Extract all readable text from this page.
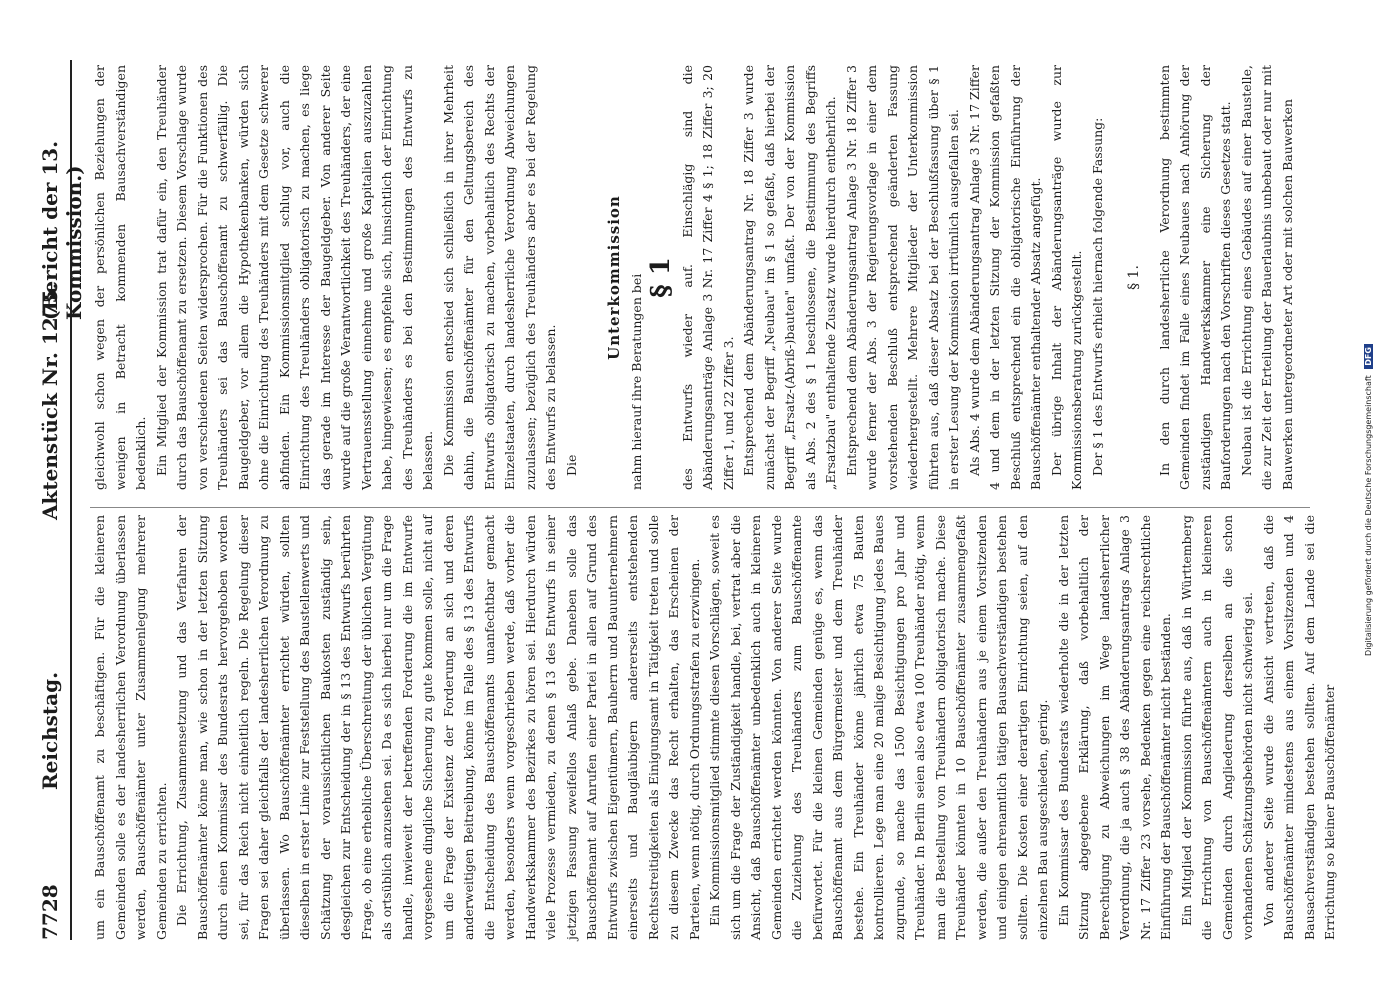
7728
Reichstag.
Aktenstück Nr. 1275.
(Bericht der 13. Kommission.)

um ein Bauschöffenamt zu beschäftigen. Für die kleineren Gemeinden solle es der landesherrlichen Verordnung überlassen werden, Bauschöffenämter unter Zusammenlegung mehrerer Gemeinden zu errichten. Die Errichtung, Zusammensetzung und das Verfahren der Bauschöffenämter könne man, wie schon in der letzten Sitzung durch einen Kommissar des Bundesrats hervorgehoben worden sei, für das Reich nicht einheitlich regeln. Die Regelung dieser Fragen sei daher gleichfalls der landesherrlichen Verordnung zu überlassen. Wo Bauschöffenämter errichtet würden, sollten dieselben in erster Linie zur Feststellung des Baustellenwerts und Schätzung der voraussichtlichen Baukosten zuständig sein, desgleichen zur Entscheidung der in § 13 des Entwurfs berührten Frage, ob eine erhebliche Überschreitung der üblichen Vergütung als ortsüblich anzusehen sei. Da es sich hierbei nur um die Frage handle, inwieweit der betreffenden Forderung die im Entwurfe vorgesehene dingliche Sicherung zu gute kommen solle, nicht auf um die Frage der Existenz der Forderung an sich und deren anderweitigen Beitreibung, könne im Falle des § 13 des Entwurfs die Entscheidung des Bauschöffenamts unanfechtbar gemacht werden, besonders wenn vorgeschrieben werde, daß vorher die Handwerkskammer des Bezirkes zu hören sei. Hierdurch würden viele Prozesse vermieden, zu denen § 13 des Entwurfs in seiner jetzigen Fassung zweifellos Anlaß gebe. Daneben solle das Bauschöffenamt auf Anrufen einer Partei in allen auf Grund des Entwurfs zwischen Eigentümern, Bauherrn und Bauunternehmern einerseits und Baugläubigern andererseits entstehenden Rechtsstreitigkeiten als Einigungsamt in Tätigkeit treten und solle zu diesem Zwecke das Recht erhalten, das Erscheinen der Parteien, wenn nötig, durch Ordnungsstrafen zu erzwingen. Ein Kommissionsmitglied stimmte diesen Vorschlägen, soweit es sich um die Frage der Zuständigkeit handle, bei, vertrat aber die Ansicht, daß Bauschöffenämter unbedenklich auch in kleineren Gemeinden errichtet werden könnten. Von anderer Seite wurde die Zuziehung des Treuhänders zum Bauschöffenamte befürwortet. Für die kleinen Gemeinden genüge es, wenn das Bauschöffenamt aus dem Bürgermeister und dem Treuhänder bestehe. Ein Treuhänder könne jährlich etwa 75 Bauten kontrollieren. Lege man eine 20 malige Besichtigung jedes Baues zugrunde, so mache das 1500 Besichtigungen pro Jahr und Treuhänder. In Berlin seien also etwa 100 Treuhänder nötig, wenn man die Bestellung von Treuhändern obligatorisch mache. Diese Treuhänder könnten in 10 Bauschöffenämter zusammengefaßt werden, die außer den Treuhändern aus je einem Vorsitzenden und einigen ehrenamtlich tätigen Bausachverständigen bestehen sollten. Die Kosten einer derartigen Einrichtung seien, auf den einzelnen Bau ausgeschieden, gering. Ein Kommissar des Bundesrats wiederholte die in der letzten Sitzung abgegebene Erklärung, daß vorbehaltlich der Berechtigung zu Abweichungen im Wege landesherrlicher Verordnung, die ja auch § 38 des Abänderungsantrags Anlage 3 Nr. 17 Ziffer 23 vorsehe, Bedenken gegen eine reichsrechtliche Einführung der Bauschöffenämter nicht beständen. Ein Mitglied der Kommission führte aus, daß in Württemberg die Errichtung von Bauschöffenämtern auch in kleineren Gemeinden durch Angliederung derselben an die schon vorhandenen Schätzungsbehörden nicht schwierig sei. Von anderer Seite wurde die Ansicht vertreten, daß die Bauschöffenämter mindestens aus einem Vorsitzenden und 4 Bausachverständigen bestehen sollten. Auf dem Lande sei die Errichtung so kleiner Bauschöffenämter

gleichwohl schon wegen der persönlichen Beziehungen der wenigen in Betracht kommenden Bausachverständigen bedenklich. Ein Mitglied der Kommission trat dafür ein, den Treuhänder durch das Bauschöffenamt zu ersetzen. Diesem Vorschlage wurde von verschiedenen Seiten widersprochen. Für die Funktionen des Treuhänders sei das Bauschöffenamt zu schwerfällig. Die Baugeldgeber, vor allem die Hypothekenbanken, würden sich ohne die Einrichtung des Treuhänders mit dem Gesetze schwerer abfinden. Ein Kommissionsmitglied schlug vor, auch die Einrichtung des Treuhänders obligatorisch zu machen, es liege das gerade im Interesse der Baugeldgeber. Von anderer Seite wurde auf die große Verantwortlichkeit des Treuhänders, der eine Vertrauensstellung einnehme und große Kapitalien auszuzahlen habe, hingewiesen; es empfehle sich, hinsichtlich der Einrichtung des Treuhänders es bei den Bestimmungen des Entwurfs zu belassen. Die Kommission entschied sich schließlich in ihrer Mehrheit dahin, die Bauschöffenämter für den Geltungsbereich des Entwurfs obligatorisch zu machen, vorbehaltlich des Rechts der Einzelstaaten, durch landesherrliche Verordnung Abweichungen zuzulassen; bezüglich des Treuhänders aber es bei der Regelung des Entwurfs zu belassen. Die

Unterkommission nahm hierauf ihre Beratungen bei § 1 des Entwurfs wieder auf. Einschlägig sind die Abänderungsanträge Anlage 3 Nr. 17 Ziffer 4 § 1; 18 Ziffer 3; 20 Ziffer 1, und 22 Ziffer 3. Entsprechend dem Abänderungsantrag Nr. 18 Ziffer 3 wurde zunächst der Begriff „Neubau" im § 1 so gefaßt, daß hierbei der Begriff „Ersatz-(Abriß-)bauten" umfaßt. Der von der Kommission als Abs. 2 des § 1 beschlossene, die Bestimmung des Begriffs „Ersatzbau" enthaltende Zusatz wurde hierdurch entbehrlich. Entsprechend dem Abänderungsantrag Anlage 3 Nr. 18 Ziffer 3 wurde ferner der Abs. 3 der Regierungsvorlage in einer dem vorstehenden Beschluß entsprechend geänderten Fassung wiederhergestellt. Mehrere Mitglieder der Unterkommission führten aus, daß dieser Absatz bei der Beschlußfassung über § 1 in erster Lesung der Kommission irrtümlich ausgefallen sei. Als Abs. 4 wurde dem Abänderungsantrag Anlage 3 Nr. 17 Ziffer 4 und dem in der letzten Sitzung der Kommission gefaßten Beschluß entsprechend ein die obligatorische Einführung der Bauschöffenämter enthaltender Absatz angefügt. Der übrige Inhalt der Abänderungsanträge wurde zur Kommissionsberatung zurückgestellt. Der § 1 des Entwurfs erhielt hiernach folgende Fassung: § 1. In den durch landesherrliche Verordnung bestimmten Gemeinden findet im Falle eines Neubaues nach Anhörung der zuständigen Handwerkskammer eine Sicherung der Bauforderungen nach den Vorschriften dieses Gesetzes statt. Neubau ist die Errichtung eines Gebäudes auf einer Baustelle, die zur Zeit der Erteilung der Bauerlaubnis unbebaut oder nur mit Bauwerken untergeordneter Art oder mit solchen Bauwerken

Digitalisierung gefördert durch die Deutsche Forschungsgemeinschaft DFG
